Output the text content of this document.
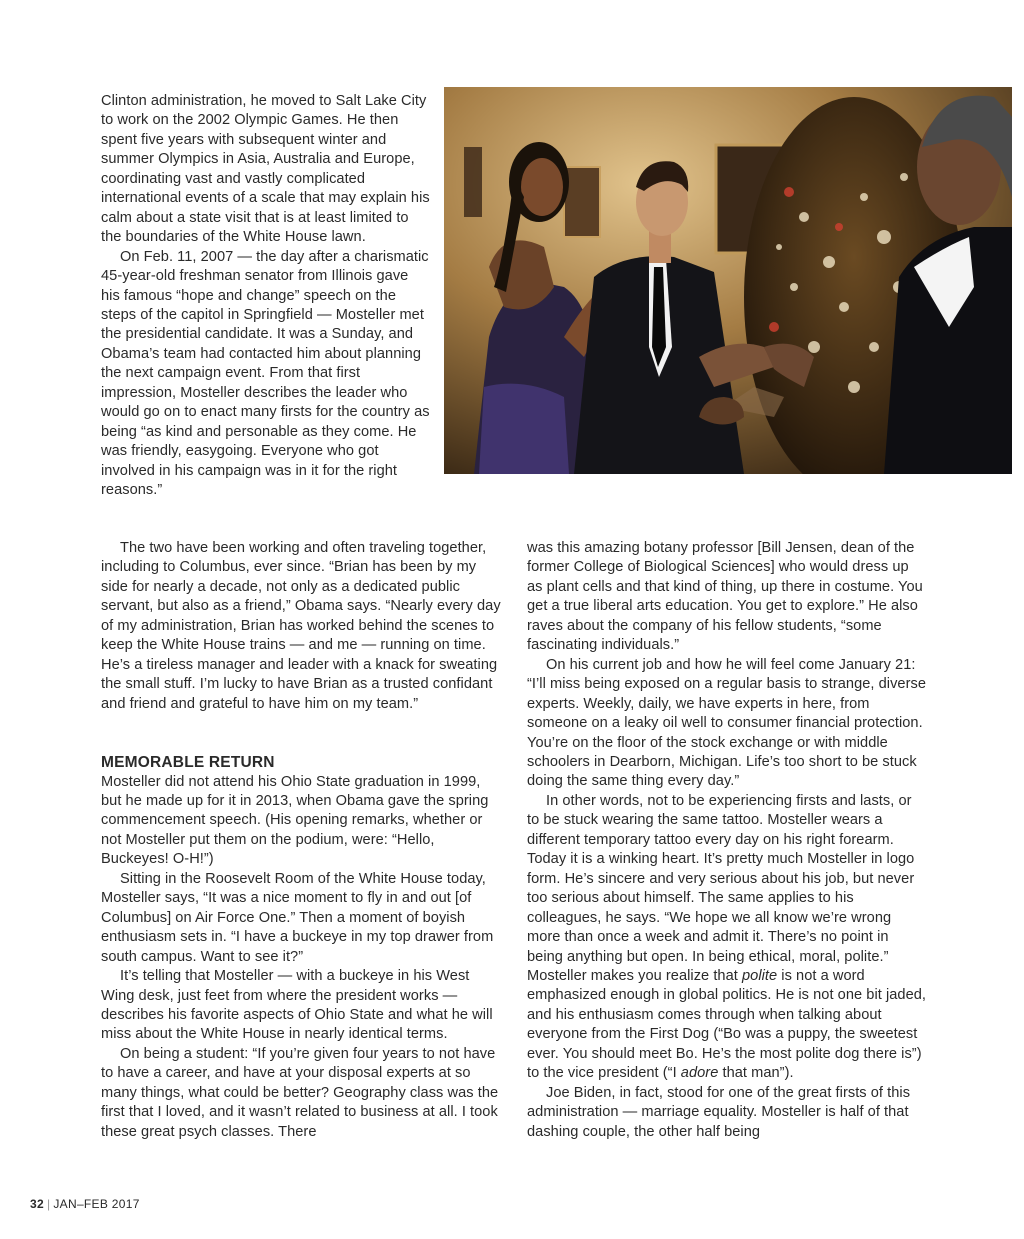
Clinton administration, he moved to Salt Lake City to work on the 2002 Olympic Games. He then spent five years with subsequent winter and summer Olympics in Asia, Australia and Europe, coordinating vast and vastly complicated international events of a scale that may explain his calm about a state visit that is at least limited to the boundaries of the White House lawn.

On Feb. 11, 2007 — the day after a charismatic 45-year-old freshman senator from Illinois gave his famous “hope and change” speech on the steps of the capitol in Springfield — Mosteller met the presidential candidate. It was a Sunday, and Obama’s team had contacted him about planning the next campaign event. From that first impression, Mosteller describes the leader who would go on to enact many firsts for the country as being “as kind and personable as they come. He was friendly, easygoing. Everyone who got involved in his campaign was in it for the right reasons.”

The two have been working and often traveling together, including to Columbus, ever since. “Brian has been by my side for nearly a decade, not only as a dedicated public servant, but also as a friend,” Obama says. “Nearly every day of my administration, Brian has worked behind the scenes to keep the White House trains — and me — running on time. He’s a tireless manager and leader with a knack for sweating the small stuff. I’m lucky to have Brian as a trusted confidant and friend and grateful to have him on my team.”

MEMORABLE RETURN

Mosteller did not attend his Ohio State graduation in 1999, but he made up for it in 2013, when Obama gave the spring commencement speech. (His opening remarks, whether or not Mosteller put them on the podium, were: “Hello, Buckeyes! O-H!”)

Sitting in the Roosevelt Room of the White House today, Mosteller says, “It was a nice moment to fly in and out [of Columbus] on Air Force One.” Then a moment of boyish enthusiasm sets in. “I have a buckeye in my top drawer from south campus. Want to see it?”

It’s telling that Mosteller — with a buckeye in his West Wing desk, just feet from where the president works — describes his favorite aspects of Ohio State and what he will miss about the White House in nearly identical terms.

On being a student: “If you’re given four years to not have to have a career, and have at your disposal experts at so many things, what could be better? Geography class was the first that I loved, and it wasn’t related to business at all. I took these great psych classes. There

was this amazing botany professor [Bill Jensen, dean of the former College of Biological Sciences] who would dress up as plant cells and that kind of thing, up there in costume. You get a true liberal arts education. You get to explore.” He also raves about the company of his fellow students, “some fascinating individuals.”

On his current job and how he will feel come January 21: “I’ll miss being exposed on a regular basis to strange, diverse experts. Weekly, daily, we have experts in here, from someone on a leaky oil well to consumer financial protection. You’re on the floor of the stock exchange or with middle schoolers in Dearborn, Michigan. Life’s too short to be stuck doing the same thing every day.”

In other words, not to be experiencing firsts and lasts, or to be stuck wearing the same tattoo. Mosteller wears a different temporary tattoo every day on his right forearm. Today it is a winking heart. It’s pretty much Mosteller in logo form. He’s sincere and very serious about his job, but never too serious about himself. The same applies to his colleagues, he says. “We hope we all know we’re wrong more than once a week and admit it. There’s no point in being anything but open. In being ethical, moral, polite.” Mosteller makes you realize that polite is not a word emphasized enough in global politics. He is not one bit jaded, and his enthusiasm comes through when talking about everyone from the First Dog (“Bo was a puppy, the sweetest ever. You should meet Bo. He’s the most polite dog there is”) to the vice president (“I adore that man”).

Joe Biden, in fact, stood for one of the great firsts of this administration — marriage equality. Mosteller is half of that dashing couple, the other half being

32 | JAN–FEB 2017
